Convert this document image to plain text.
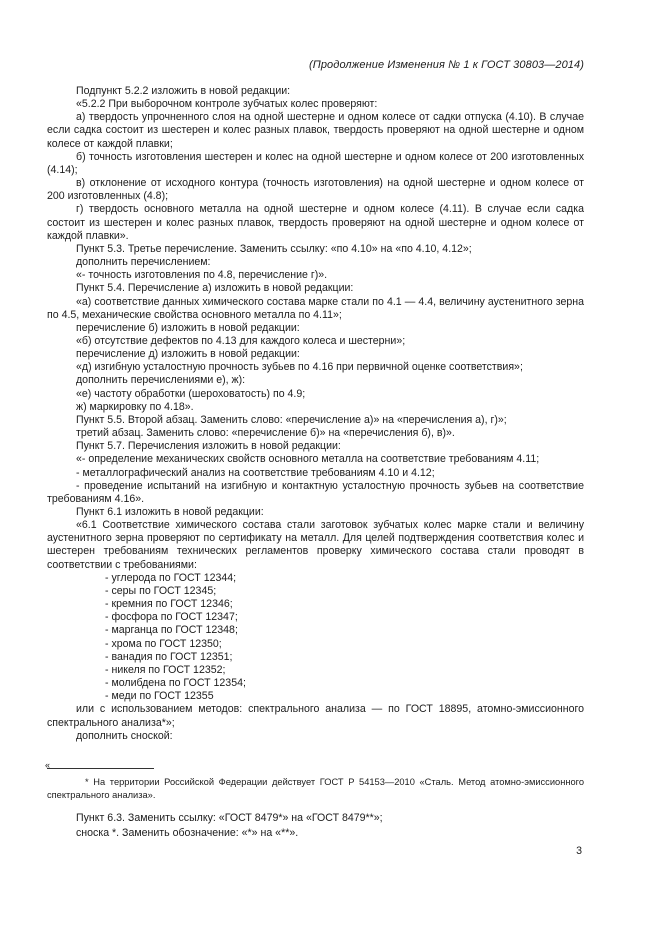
(Продолжение Изменения № 1 к ГОСТ 30803—2014)

Подпункт 5.2.2 изложить в новой редакции:

«5.2.2 При выборочном контроле зубчатых колес проверяют:

а) твердость упрочненного слоя на одной шестерне и одном колесе от садки отпуска (4.10). В случае если садка состоит из шестерен и колес разных плавок, твердость проверяют на одной шестерне и одном колесе от каждой плавки;

б) точность изготовления шестерен и колес на одной шестерне и одном колесе от 200 изготовленных (4.14);

в) отклонение от исходного контура (точность изготовления) на одной шестерне и одном колесе от 200 изготовленных (4.8);

г) твердость основного металла на одной шестерне и одном колесе (4.11). В случае если садка состоит из шестерен и колес разных плавок, твердость проверяют на одной шестерне и одном колесе от каждой плавки».

Пункт 5.3. Третье перечисление. Заменить ссылку: «по 4.10» на «по 4.10, 4.12»;

дополнить перечислением:

«- точность изготовления по 4.8, перечисление г)».

Пункт 5.4. Перечисление а) изложить в новой редакции:

«а) соответствие данных химического состава марке стали по 4.1 — 4.4, величину аустенитного зерна по 4.5, механические свойства основного металла по 4.11»;

перечисление б) изложить в новой редакции:

«б) отсутствие дефектов по 4.13 для каждого колеса и шестерни»;

перечисление д) изложить в новой редакции:

«д) изгибную усталостную прочность зубьев по 4.16 при первичной оценке соответствия»;

дополнить перечислениями е), ж):

«е) частоту обработки (шероховатость) по 4.9;

ж) маркировку по 4.18».

Пункт 5.5. Второй абзац. Заменить слово: «перечисление а)» на «перечисления а), г)»;

третий абзац. Заменить слово: «перечисление б)» на «перечисления б), в)».

Пункт 5.7. Перечисления изложить в новой редакции:

«- определение механических свойств основного металла на соответствие требованиям 4.11;

- металлографический анализ на соответствие требованиям 4.10 и 4.12;

- проведение испытаний на изгибную и контактную усталостную прочность зубьев на соответствие требованиям 4.16».

Пункт 6.1 изложить в новой редакции:

«6.1 Соответствие химического состава стали заготовок зубчатых колес марке стали и величину аустенитного зерна проверяют по сертификату на металл. Для целей подтверждения соответствия колес и шестерен требованиям технических регламентов проверку химического состава стали проводят в соответствии с требованиями:

- углерода по ГОСТ 12344;

- серы по ГОСТ 12345;

- кремния по ГОСТ 12346;

- фосфора по ГОСТ 12347;

- марганца по ГОСТ 12348;

- хрома по ГОСТ 12350;

- ванадия по ГОСТ 12351;

- никеля по ГОСТ 12352;

- молибдена по ГОСТ 12354;

- меди по ГОСТ 12355

или с использованием методов: спектрального анализа — по ГОСТ 18895, атомно-эмиссионного спектрального анализа*»;

дополнить сноской:

«

* На территории Российской Федерации действует ГОСТ Р 54153—2010 «Сталь. Метод атомно-эмиссионного спектрального анализа».

Пункт 6.3. Заменить ссылку: «ГОСТ 8479*» на «ГОСТ 8479**»;

сноска *. Заменить обозначение: «*» на «**».

3
